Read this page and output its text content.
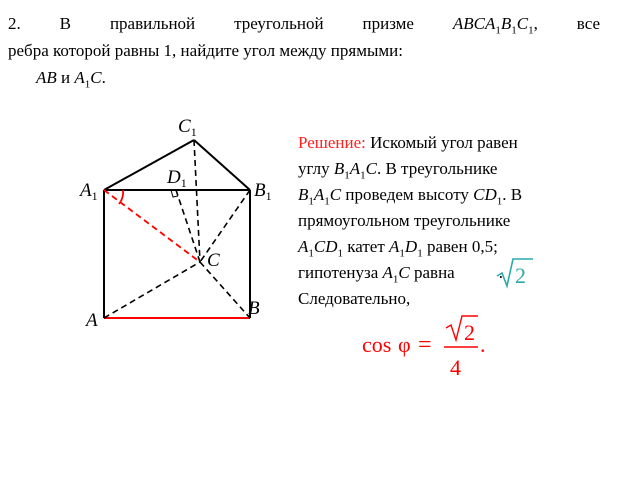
2. В правильной треугольной призме $ABCA_1B_1C_1$, все
ребра которой равны 1, найдите угол между прямыми:
AB и $A_1C$.
$C_1$
$D_1$
$A_1$	$B_1$
C
A
B
Решение: Искомый угол равен
углу $B_1A_1C$. В треугольнике
$B_1A_1C$ проведем высоту $CD_1$. В
прямоугольном треугольнике
$A_1CD_1$ катет $A_1D_1$ равен 0,5;
гипотенуза $A_1C$ равна	.
Следовательно,
2
cos φ = 2
4
.
